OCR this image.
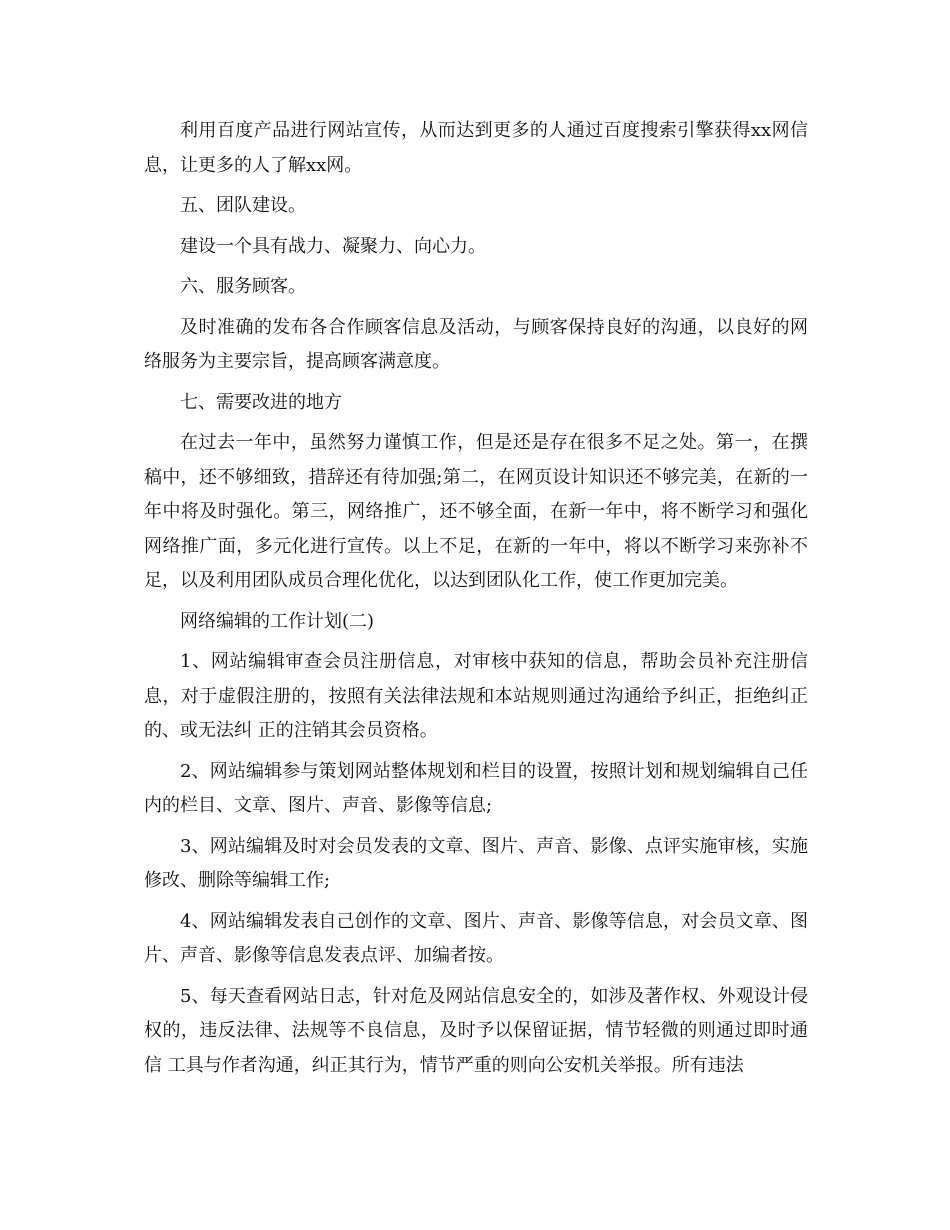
利用百度产品进行网站宣传，从而达到更多的人通过百度搜索引擎获得xx网信息，让更多的人了解xx网。

五、团队建设。

建设一个具有战力、凝聚力、向心力。

六、服务顾客。

及时准确的发布各合作顾客信息及活动，与顾客保持良好的沟通，以良好的网络服务为主要宗旨，提高顾客满意度。

七、需要改进的地方

在过去一年中，虽然努力谨慎工作，但是还是存在很多不足之处。第一，在撰稿中，还不够细致，措辞还有待加强;第二，在网页设计知识还不够完美，在新的一年中将及时强化。第三，网络推广，还不够全面，在新一年中，将不断学习和强化网络推广面，多元化进行宣传。以上不足，在新的一年中，将以不断学习来弥补不足，以及利用团队成员合理化优化，以达到团队化工作，使工作更加完美。

网络编辑的工作计划(二)

1、网站编辑审查会员注册信息，对审核中获知的信息，帮助会员补充注册信息，对于虚假注册的，按照有关法律法规和本站规则通过沟通给予纠正，拒绝纠正的、或无法纠 正的注销其会员资格。

2、网站编辑参与策划网站整体规划和栏目的设置，按照计划和规划编辑自己任内的栏目、文章、图片、声音、影像等信息;

3、网站编辑及时对会员发表的文章、图片、声音、影像、点评实施审核，实施修改、删除等编辑工作;

4、网站编辑发表自己创作的文章、图片、声音、影像等信息，对会员文章、图片、声音、影像等信息发表点评、加编者按。

5、每天查看网站日志，针对危及网站信息安全的，如涉及著作权、外观设计侵权的，违反法律、法规等不良信息，及时予以保留证据，情节轻微的则通过即时通信 工具与作者沟通，纠正其行为，情节严重的则向公安机关举报。所有违法
